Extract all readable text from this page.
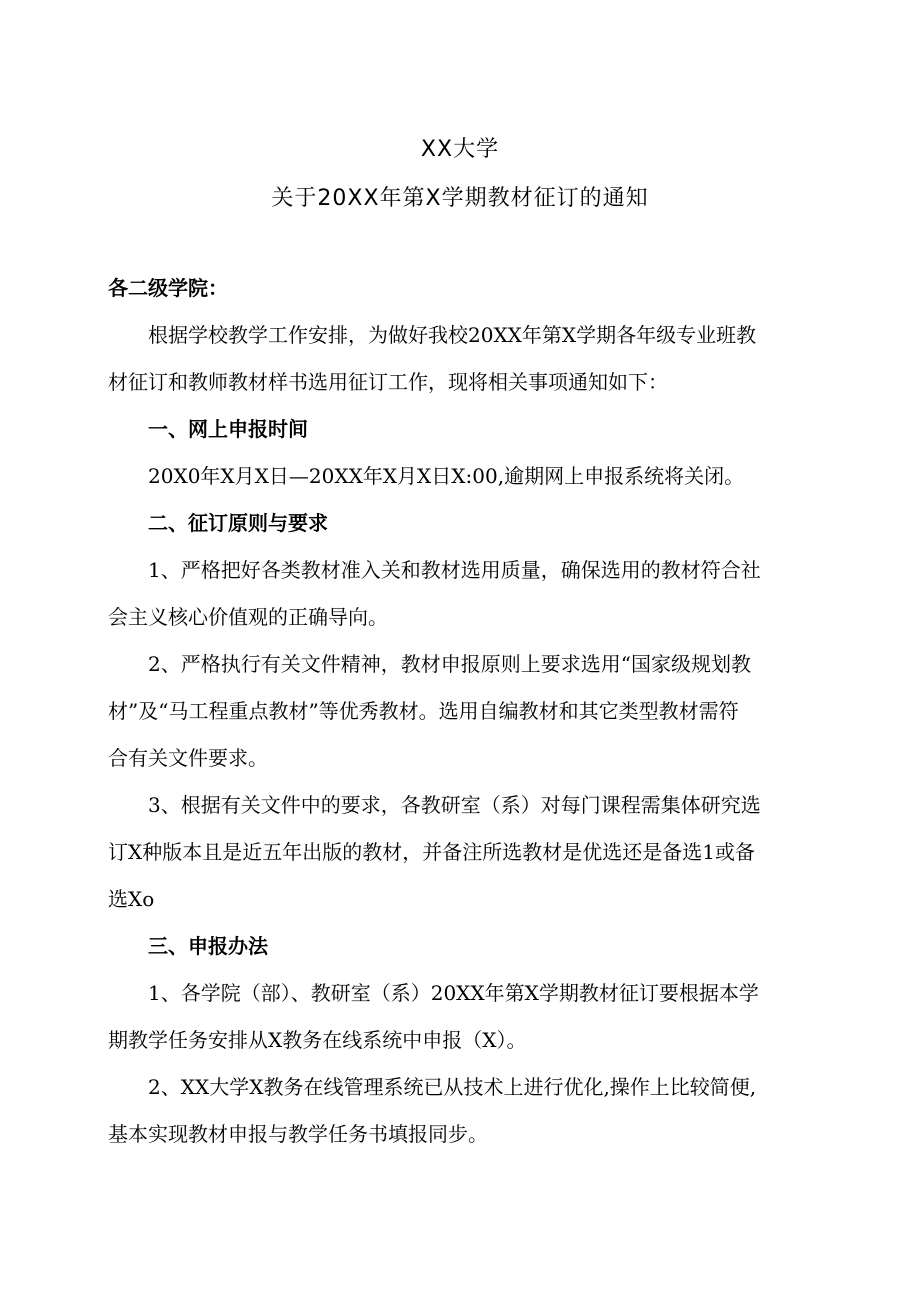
XX大学
关于20XX年第X学期教材征订的通知
各二级学院：
根据学校教学工作安排，为做好我校20XX年第X学期各年级专业班教
材征订和教师教材样书选用征订工作，现将相关事项通知如下：
一、网上申报时间
20X0年X月X日—20XX年X月X日X:00,逾期网上申报系统将关闭。
二、征订原则与要求
1、严格把好各类教材准入关和教材选用质量，确保选用的教材符合社
会主义核心价值观的正确导向。
2、严格执行有关文件精神，教材申报原则上要求选用“国家级规划教
材”及“马工程重点教材”等优秀教材。选用自编教材和其它类型教材需符
合有关文件要求。
3、根据有关文件中的要求，各教研室（系）对每门课程需集体研究选
订X种版本且是近五年出版的教材，并备注所选教材是优选还是备选1或备
选Xo
三、申报办法
1、各学院（部）、教研室（系）20XX年第X学期教材征订要根据本学
期教学任务安排从X教务在线系统中申报（X）。
2、XX大学X教务在线管理系统已从技术上进行优化,操作上比较简便,
基本实现教材申报与教学任务书填报同步。
